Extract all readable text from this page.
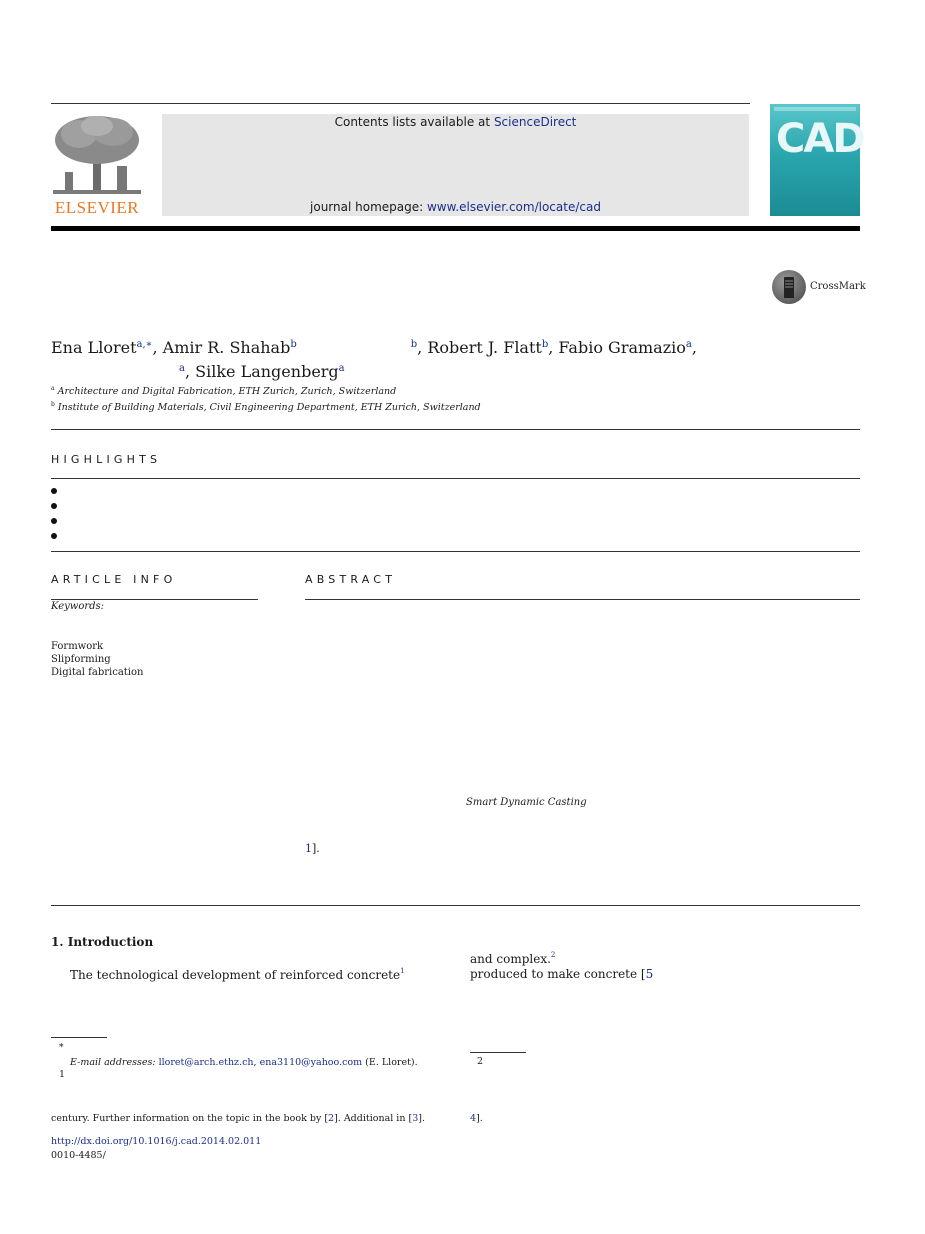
ELSEVIER
Contents lists available at ScienceDirect
journal homepage: www.elsevier.com/locate/cad
CAD
CrossMark
Ena Lloret$^{a,∗}$, Amir R. Shahab$^b$	$^b$, Robert J. Flatt$^b$, Fabio Gramazio$^a$,
$^a$, Silke Langenberg$^a$
$^a$ Architecture and Digital Fabrication, ETH Zurich, Zurich, Switzerland
$^b$ Institute of Building Materials, Civil Engineering Department, ETH Zurich, Switzerland
HIGHLIGHTS
ARTICLE INFO	ABSTRACT
Keywords:
Formwork
Slipforming
Digital fabrication
Smart Dynamic Casting
1].
1. Introduction
The technological development of reinforced concrete$^1$
and complex.$^2$
produced to make concrete [5
∗
E-mail addresses: lloret@arch.ethz.ch, ena3110@yahoo.com (E. Lloret).
1
century. Further information on the topic in the book by [2]. Additional in [3].
2
4].
http://dx.doi.org/10.1016/j.cad.2014.02.011
0010-4485/
